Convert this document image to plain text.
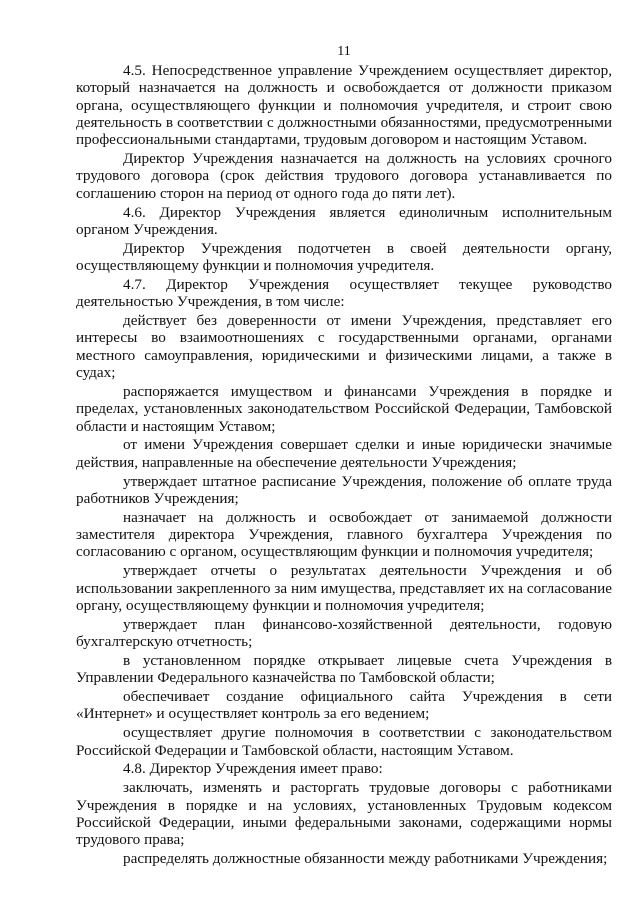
11

4.5. Непосредственное управление Учреждением осуществляет директор, который назначается на должность и освобождается от должности приказом органа, осуществляющего функции и полномочия учредителя, и строит свою деятельность в соответствии с должностными обязанностями, предусмотренными профессиональными стандартами, трудовым договором и настоящим Уставом.

Директор Учреждения назначается на должность на условиях срочного трудового договора (срок действия трудового договора устанавливается по соглашению сторон на период от одного года до пяти лет).

4.6. Директор Учреждения является единоличным исполнительным органом Учреждения.

Директор Учреждения подотчетен в своей деятельности органу, осуществляющему функции и полномочия учредителя.

4.7. Директор Учреждения осуществляет текущее руководство деятельностью Учреждения, в том числе:

действует без доверенности от имени Учреждения, представляет его интересы во взаимоотношениях с государственными органами, органами местного самоуправления, юридическими и физическими лицами, а также в судах;

распоряжается имуществом и финансами Учреждения в порядке и пределах, установленных законодательством Российской Федерации, Тамбовской области и настоящим Уставом;

от имени Учреждения совершает сделки и иные юридически значимые действия, направленные на обеспечение деятельности Учреждения;

утверждает штатное расписание Учреждения, положение об оплате труда работников Учреждения;

назначает на должность и освобождает от занимаемой должности заместителя директора Учреждения, главного бухгалтера Учреждения по согласованию с органом, осуществляющим функции и полномочия учредителя;

утверждает отчеты о результатах деятельности Учреждения и об использовании закрепленного за ним имущества, представляет их на согласование органу, осуществляющему функции и полномочия учредителя;

утверждает план финансово-хозяйственной деятельности, годовую бухгалтерскую отчетность;

в установленном порядке открывает лицевые счета Учреждения в Управлении Федерального казначейства по Тамбовской области;

обеспечивает создание официального сайта Учреждения в сети «Интернет» и осуществляет контроль за его ведением;

осуществляет другие полномочия в соответствии с законодательством Российской Федерации и Тамбовской области, настоящим Уставом.

4.8. Директор Учреждения имеет право:

заключать, изменять и расторгать трудовые договоры с работниками Учреждения в порядке и на условиях, установленных Трудовым кодексом Российской Федерации, иными федеральными законами, содержащими нормы трудового права;

распределять должностные обязанности между работниками Учреждения;
